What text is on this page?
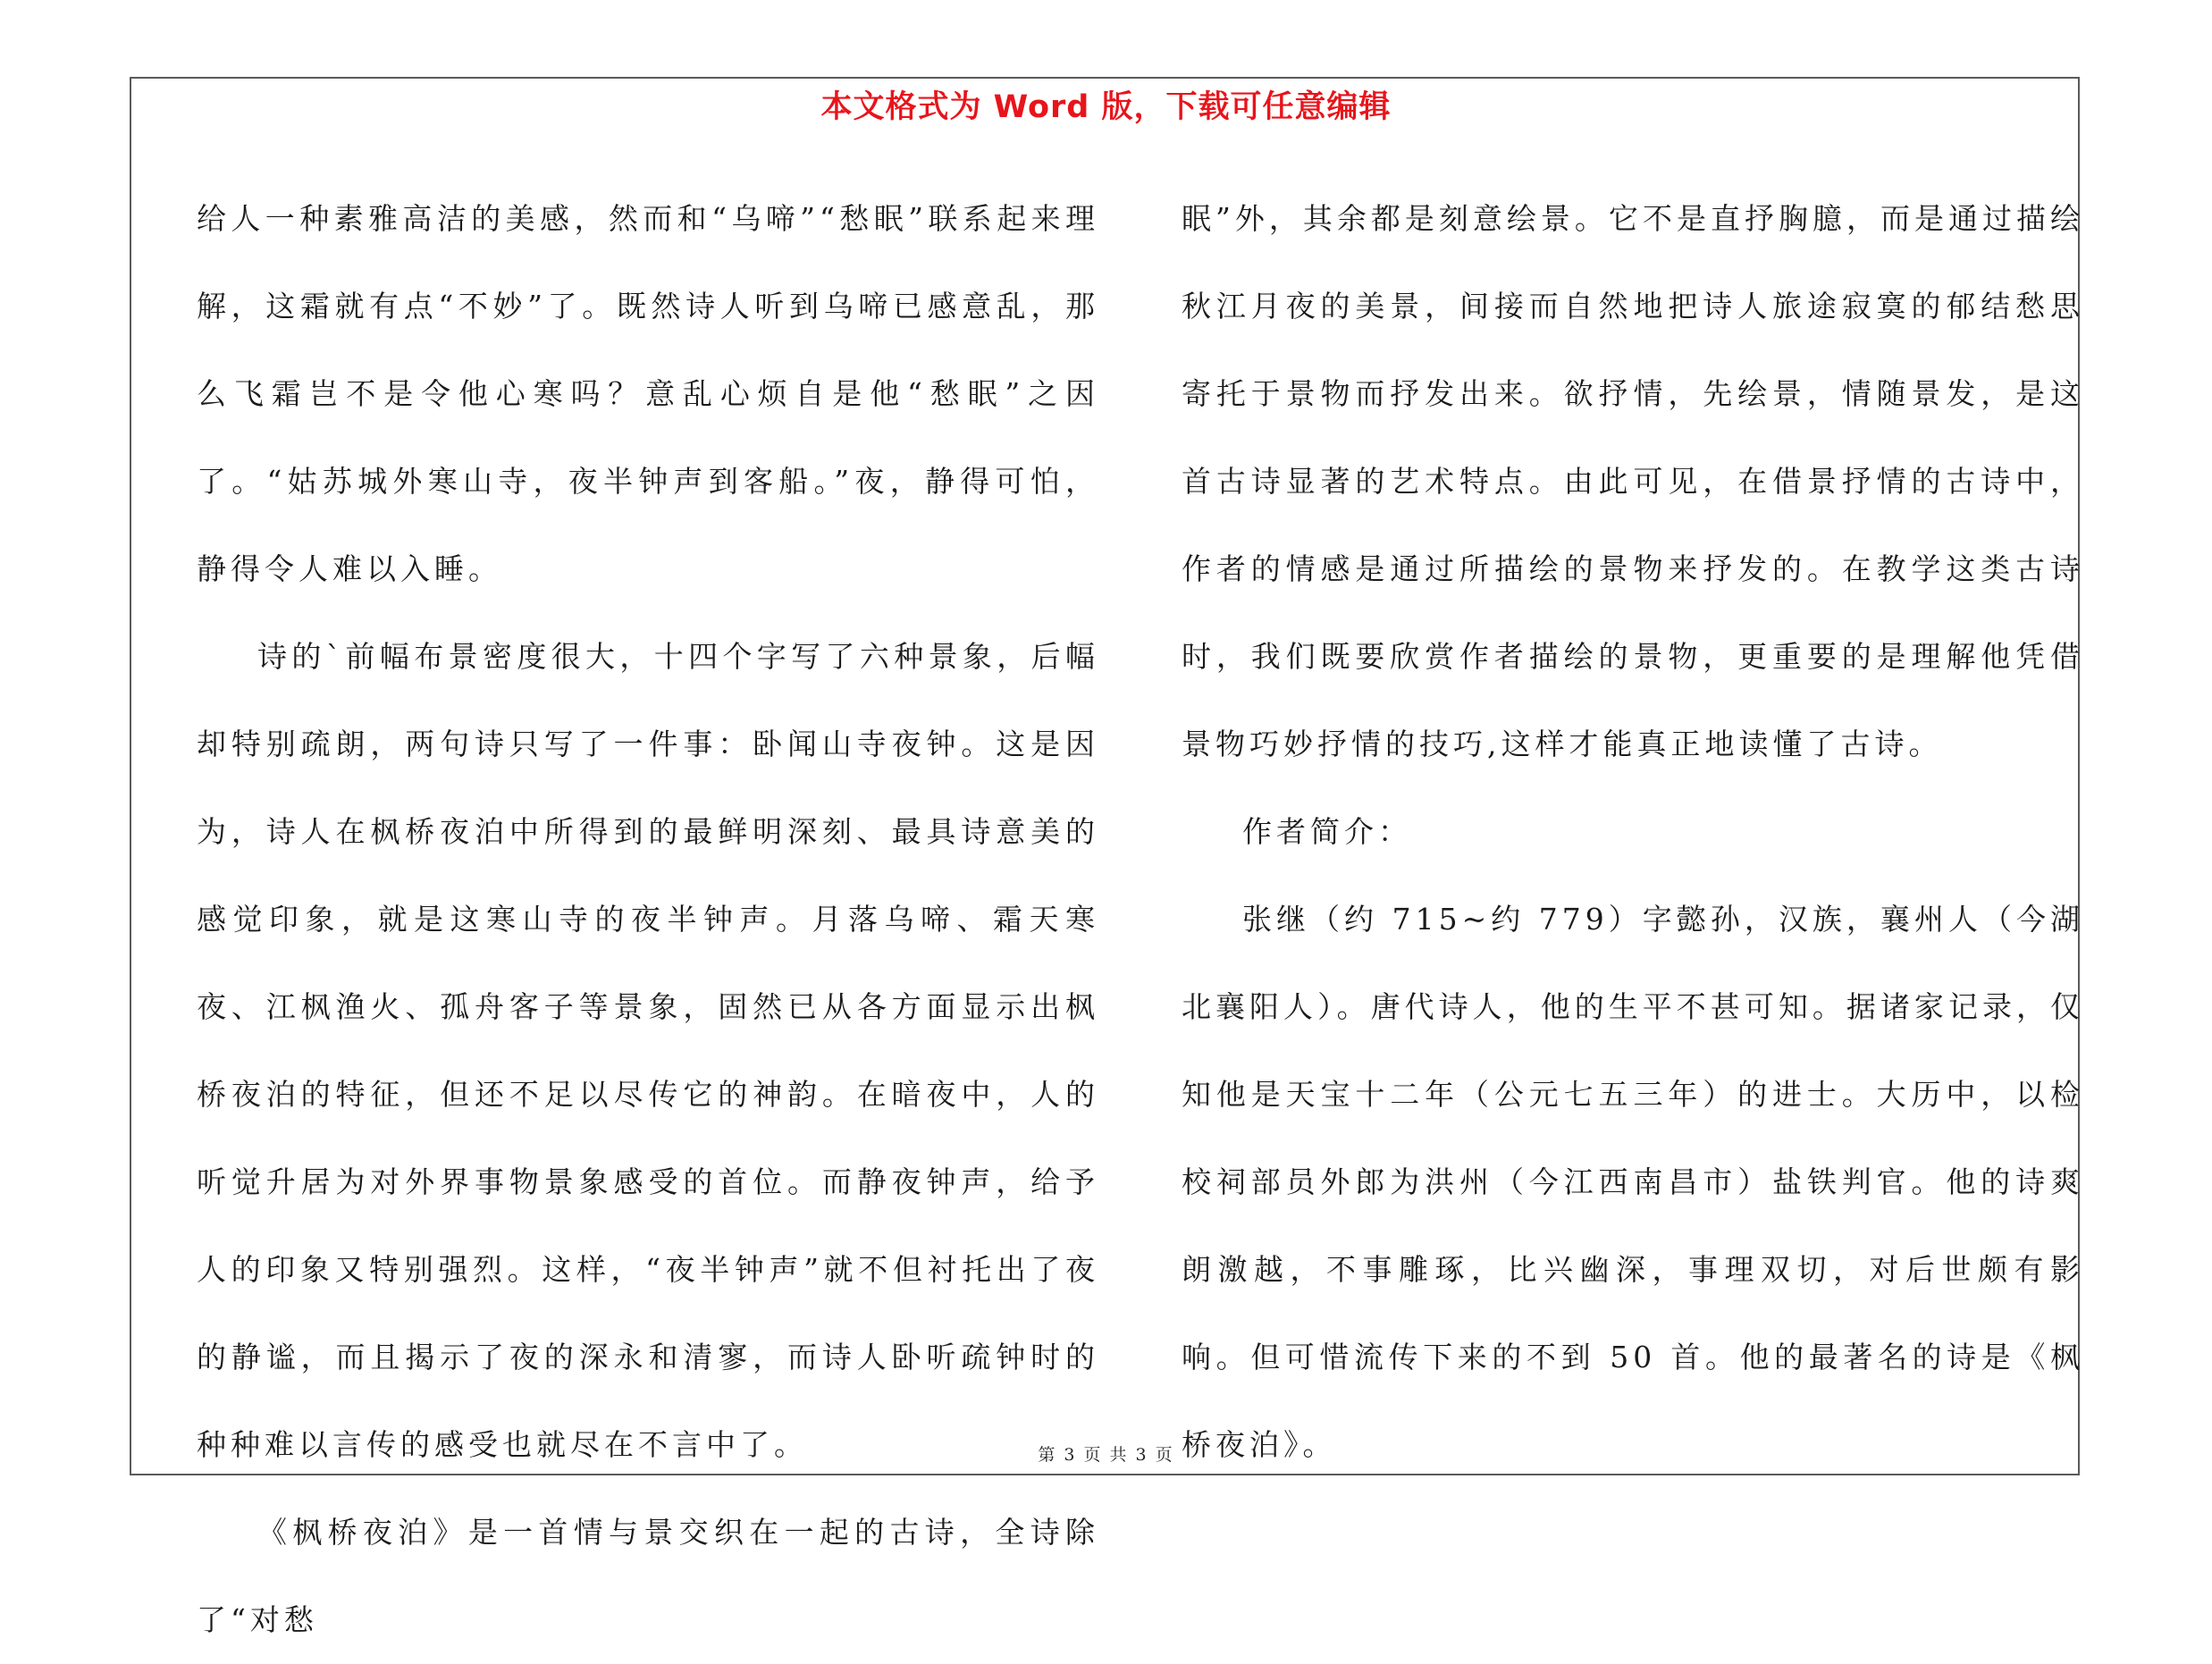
本文格式为 Word 版，下载可任意编辑

给人一种素雅高洁的美感，然而和“乌啼”“愁眠”联系起来理解，这霜就有点“不妙”了。既然诗人听到乌啼已感意乱，那么飞霜岂不是令他心寒吗？意乱心烦自是他“愁眠”之因了。“姑苏城外寒山寺，夜半钟声到客船。”夜，静得可怕，静得令人难以入睡。

诗的`前幅布景密度很大，十四个字写了六种景象，后幅却特别疏朗，两句诗只写了一件事：卧闻山寺夜钟。这是因为，诗人在枫桥夜泊中所得到的最鲜明深刻、最具诗意美的感觉印象，就是这寒山寺的夜半钟声。月落乌啼、霜天寒夜、江枫渔火、孤舟客子等景象，固然已从各方面显示出枫桥夜泊的特征，但还不足以尽传它的神韵。在暗夜中，人的听觉升居为对外界事物景象感受的首位。而静夜钟声，给予人的印象又特别强烈。这样，“夜半钟声”就不但衬托出了夜的静谧，而且揭示了夜的深永和清寥，而诗人卧听疏钟时的种种难以言传的感受也就尽在不言中了。

《枫桥夜泊》是一首情与景交织在一起的古诗，全诗除了“对愁

眠”外，其余都是刻意绘景。它不是直抒胸臆，而是通过描绘秋江月夜的美景，间接而自然地把诗人旅途寂寞的郁结愁思寄托于景物而抒发出来。欲抒情，先绘景，情随景发，是这首古诗显著的艺术特点。由此可见，在借景抒情的古诗中，作者的情感是通过所描绘的景物来抒发的。在教学这类古诗时，我们既要欣赏作者描绘的景物，更重要的是理解他凭借景物巧妙抒情的技巧,这样才能真正地读懂了古诗。

作者简介：

张继（约 715~约 779）字懿孙，汉族，襄州人（今湖北襄阳人）。唐代诗人，他的生平不甚可知。据诸家记录，仅知他是天宝十二年（公元七五三年）的进士。大历中，以检校祠部员外郎为洪州（今江西南昌市）盐铁判官。他的诗爽朗激越，不事雕琢，比兴幽深，事理双切，对后世颇有影响。但可惜流传下来的不到 50 首。他的最著名的诗是《枫桥夜泊》。

第 3 页 共 3 页
